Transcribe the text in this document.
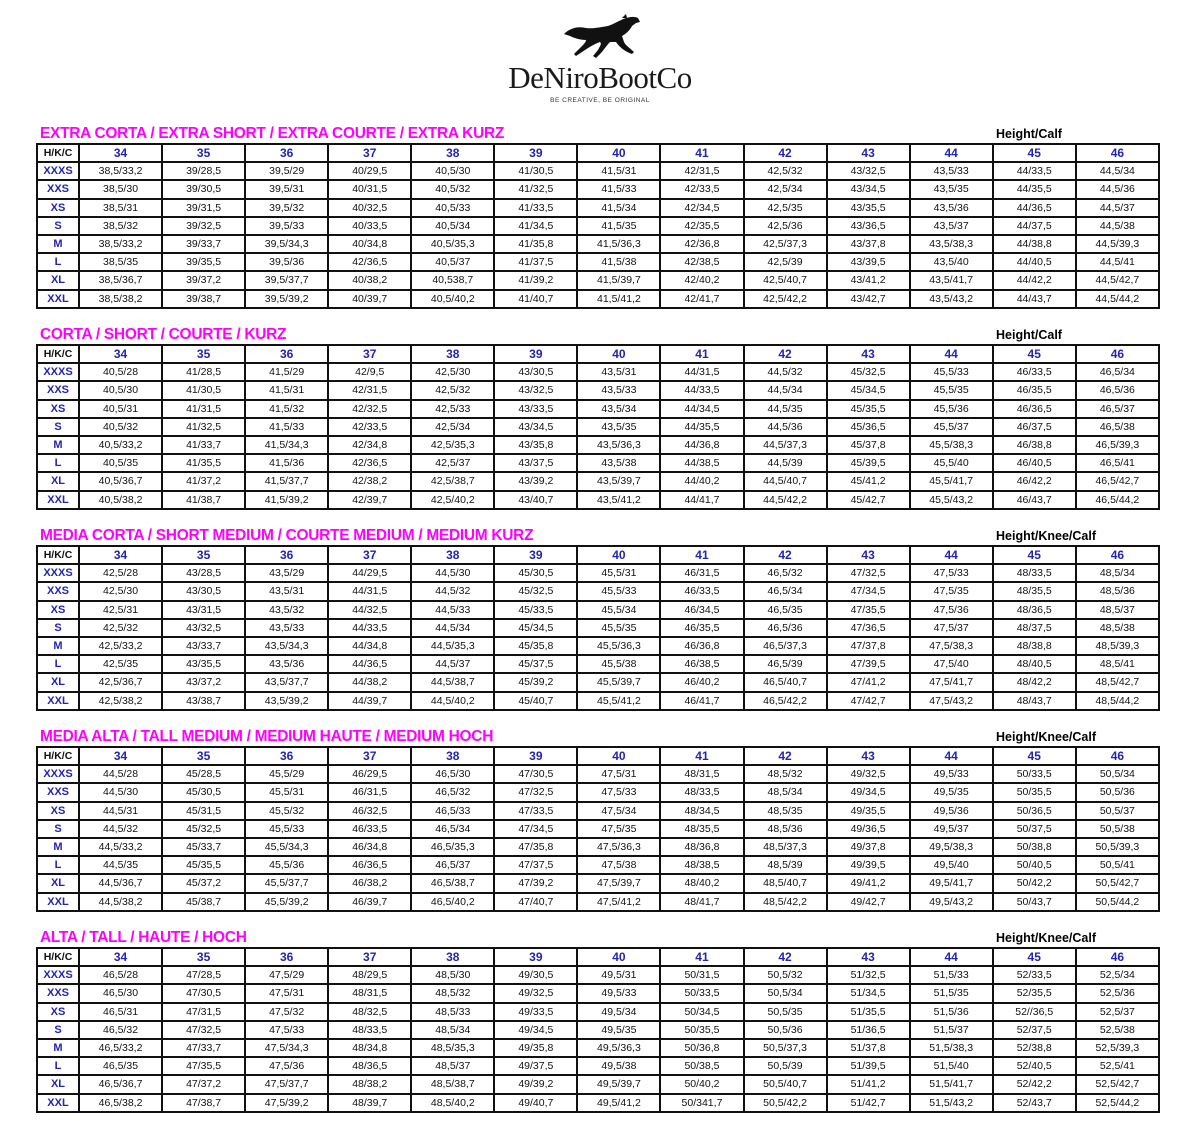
DeNiroBootCo
BE CREATIVE, BE ORIGINAL
EXTRA CORTA / EXTRA SHORT / EXTRA COURTE / EXTRA KURZ	Height/Calf
H/K/C	34	35	36	37	38	39	40	41	42	43	44	45	46
XXXS	38,5/33,2	39/28,5	39,5/29	40/29,5	40,5/30	41/30,5	41,5/31	42/31,5	42,5/32	43/32,5	43,5/33	44/33,5	44,5/34
XXS	38,5/30	39/30,5	39,5/31	40/31,5	40,5/32	41/32,5	41,5/33	42/33,5	42,5/34	43/34,5	43,5/35	44/35,5	44,5/36
XS	38,5/31	39/31,5	39,5/32	40/32,5	40,5/33	41/33,5	41,5/34	42/34,5	42,5/35	43/35,5	43,5/36	44/36,5	44,5/37
S	38,5/32	39/32,5	39,5/33	40/33,5	40,5/34	41/34,5	41,5/35	42/35,5	42,5/36	43/36,5	43,5/37	44/37,5	44,5/38
M	38,5/33,2	39/33,7	39,5/34,3	40/34,8	40,5/35,3	41/35,8	41,5/36,3	42/36,8	42,5/37,3	43/37,8	43,5/38,3	44/38,8	44,5/39,3
L	38,5/35	39/35,5	39,5/36	42/36,5	40,5/37	41/37,5	41,5/38	42/38,5	42,5/39	43/39,5	43,5/40	44/40,5	44,5/41
XL	38,5/36,7	39/37,2	39,5/37,7	40/38,2	40,538,7	41/39,2	41,5/39,7	42/40,2	42,5/40,7	43/41,2	43,5/41,7	44/42,2	44,5/42,7
XXL	38,5/38,2	39/38,7	39,5/39,2	40/39,7	40,5/40,2	41/40,7	41,5/41,2	42/41,7	42,5/42,2	43/42,7	43,5/43,2	44/43,7	44,5/44,2
CORTA / SHORT / COURTE / KURZ	Height/Calf
H/K/C	34	35	36	37	38	39	40	41	42	43	44	45	46
XXXS	40,5/28	41/28,5	41,5/29	42/9,5	42,5/30	43/30,5	43,5/31	44/31,5	44,5/32	45/32,5	45,5/33	46/33,5	46,5/34
XXS	40,5/30	41/30,5	41,5/31	42/31,5	42,5/32	43/32,5	43,5/33	44/33,5	44,5/34	45/34,5	45,5/35	46/35,5	46,5/36
XS	40,5/31	41/31,5	41,5/32	42/32,5	42,5/33	43/33,5	43,5/34	44/34,5	44,5/35	45/35,5	45,5/36	46/36,5	46,5/37
S	40,5/32	41/32,5	41,5/33	42/33,5	42,5/34	43/34,5	43,5/35	44/35,5	44,5/36	45/36,5	45,5/37	46/37,5	46,5/38
M	40,5/33,2	41/33,7	41,5/34,3	42/34,8	42,5/35,3	43/35,8	43,5/36,3	44/36,8	44,5/37,3	45/37,8	45,5/38,3	46/38,8	46,5/39,3
L	40,5/35	41/35,5	41,5/36	42/36,5	42,5/37	43/37,5	43,5/38	44/38,5	44,5/39	45/39,5	45,5/40	46/40,5	46,5/41
XL	40,5/36,7	41/37,2	41,5/37,7	42/38,2	42,5/38,7	43/39,2	43,5/39,7	44/40,2	44,5/40,7	45/41,2	45,5/41,7	46/42,2	46,5/42,7
XXL	40,5/38,2	41/38,7	41,5/39,2	42/39,7	42,5/40,2	43/40,7	43,5/41,2	44/41,7	44,5/42,2	45/42,7	45,5/43,2	46/43,7	46,5/44,2
MEDIA CORTA / SHORT MEDIUM / COURTE MEDIUM / MEDIUM KURZ	Height/Knee/Calf
H/K/C	34	35	36	37	38	39	40	41	42	43	44	45	46
XXXS	42,5/28	43/28,5	43,5/29	44/29,5	44,5/30	45/30,5	45,5/31	46/31,5	46,5/32	47/32,5	47,5/33	48/33,5	48,5/34
XXS	42,5/30	43/30,5	43,5/31	44/31,5	44,5/32	45/32,5	45,5/33	46/33,5	46,5/34	47/34,5	47,5/35	48/35,5	48,5/36
XS	42,5/31	43/31,5	43,5/32	44/32,5	44,5/33	45/33,5	45,5/34	46/34,5	46,5/35	47/35,5	47,5/36	48/36,5	48,5/37
S	42,5/32	43/32,5	43,5/33	44/33,5	44,5/34	45/34,5	45,5/35	46/35,5	46,5/36	47/36,5	47,5/37	48/37,5	48,5/38
M	42,5/33,2	43/33,7	43,5/34,3	44/34,8	44,5/35,3	45/35,8	45,5/36,3	46/36,8	46,5/37,3	47/37,8	47,5/38,3	48/38,8	48,5/39,3
L	42,5/35	43/35,5	43,5/36	44/36,5	44,5/37	45/37,5	45,5/38	46/38,5	46,5/39	47/39,5	47,5/40	48/40,5	48,5/41
XL	42,5/36,7	43/37,2	43,5/37,7	44/38,2	44,5/38,7	45/39,2	45,5/39,7	46/40,2	46,5/40,7	47/41,2	47,5/41,7	48/42,2	48,5/42,7
XXL	42,5/38,2	43/38,7	43,5/39,2	44/39,7	44,5/40,2	45/40,7	45,5/41,2	46/41,7	46,5/42,2	47/42,7	47,5/43,2	48/43,7	48,5/44,2
MEDIA ALTA / TALL MEDIUM / MEDIUM HAUTE / MEDIUM HOCH	Height/Knee/Calf
H/K/C	34	35	36	37	38	39	40	41	42	43	44	45	46
XXXS	44,5/28	45/28,5	45,5/29	46/29,5	46,5/30	47/30,5	47,5/31	48/31,5	48,5/32	49/32,5	49,5/33	50/33,5	50,5/34
XXS	44,5/30	45/30,5	45,5/31	46/31,5	46,5/32	47/32,5	47,5/33	48/33,5	48,5/34	49/34,5	49,5/35	50/35,5	50,5/36
XS	44,5/31	45/31,5	45,5/32	46/32,5	46,5/33	47/33,5	47,5/34	48/34,5	48,5/35	49/35,5	49,5/36	50/36,5	50,5/37
S	44,5/32	45/32,5	45,5/33	46/33,5	46,5/34	47/34,5	47,5/35	48/35,5	48,5/36	49/36,5	49,5/37	50/37,5	50,5/38
M	44,5/33,2	45/33,7	45,5/34,3	46/34,8	46,5/35,3	47/35,8	47,5/36,3	48/36,8	48,5/37,3	49/37,8	49,5/38,3	50/38,8	50,5/39,3
L	44,5/35	45/35,5	45,5/36	46/36,5	46,5/37	47/37,5	47,5/38	48/38,5	48,5/39	49/39,5	49,5/40	50/40,5	50,5/41
XL	44,5/36,7	45/37,2	45,5/37,7	46/38,2	46,5/38,7	47/39,2	47,5/39,7	48/40,2	48,5/40,7	49/41,2	49,5/41,7	50/42,2	50,5/42,7
XXL	44,5/38,2	45/38,7	45,5/39,2	46/39,7	46,5/40,2	47/40,7	47,5/41,2	48/41,7	48,5/42,2	49/42,7	49,5/43,2	50/43,7	50,5/44,2
ALTA / TALL / HAUTE / HOCH	Height/Knee/Calf
H/K/C	34	35	36	37	38	39	40	41	42	43	44	45	46
XXXS	46,5/28	47/28,5	47,5/29	48/29,5	48,5/30	49/30,5	49,5/31	50/31,5	50,5/32	51/32,5	51,5/33	52/33,5	52,5/34
XXS	46,5/30	47/30,5	47,5/31	48/31,5	48,5/32	49/32,5	49,5/33	50/33,5	50,5/34	51/34,5	51,5/35	52/35,5	52,5/36
XS	46,5/31	47/31,5	47,5/32	48/32,5	48,5/33	49/33,5	49,5/34	50/34,5	50,5/35	51/35,5	51,5/36	52//36,5	52,5/37
S	46,5/32	47/32,5	47,5/33	48/33,5	48,5/34	49/34,5	49,5/35	50/35,5	50,5/36	51/36,5	51,5/37	52/37,5	52,5/38
M	46,5/33,2	47/33,7	47,5/34,3	48/34,8	48,5/35,3	49/35,8	49,5/36,3	50/36,8	50,5/37,3	51/37,8	51,5/38,3	52/38,8	52,5/39,3
L	46,5/35	47/35,5	47,5/36	48/36,5	48,5/37	49/37,5	49,5/38	50/38,5	50,5/39	51/39,5	51,5/40	52/40,5	52,5/41
XL	46,5/36,7	47/37,2	47,5/37,7	48/38,2	48,5/38,7	49/39,2	49,5/39,7	50/40,2	50,5/40,7	51/41,2	51,5/41,7	52/42,2	52,5/42,7
XXL	46,5/38,2	47/38,7	47,5/39,2	48/39,7	48,5/40,2	49/40,7	49,5/41,2	50/341,7	50,5/42,2	51/42,7	51,5/43,2	52/43,7	52,5/44,2
